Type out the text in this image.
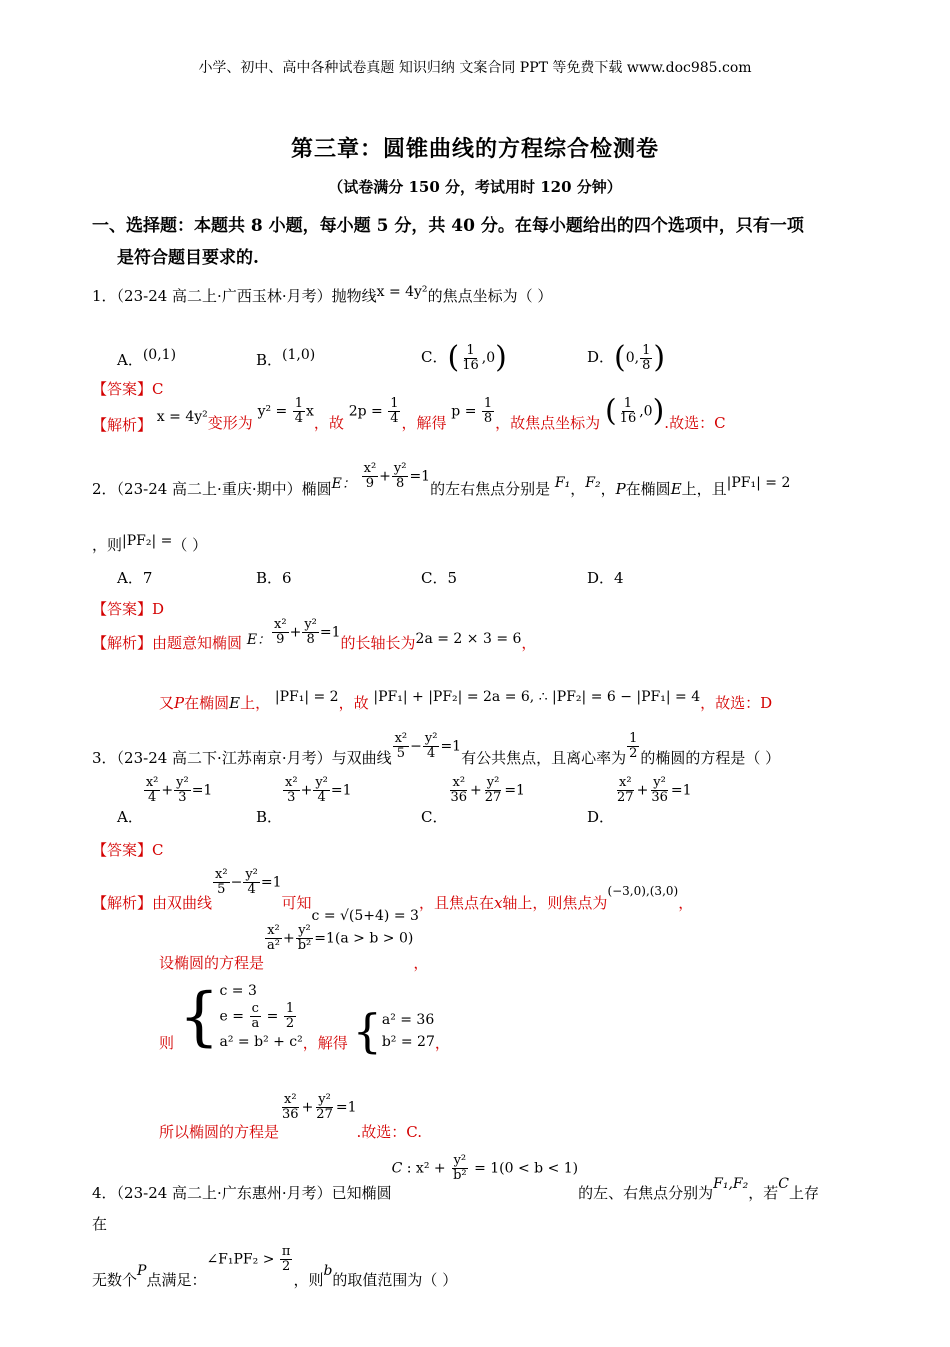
小学、初中、高中各种试卷真题 知识归纳 文案合同 PPT 等免费下载 www.doc985.com
第三章：圆锥曲线的方程综合检测卷
（试卷满分 150 分，考试用时 120 分钟）
一、选择题：本题共 8 小题，每小题 5 分，共 40 分。在每小题给出的四个选项中，只有一项
是符合题目要求的.
1．（23-24 高二上·广西玉林·月考）抛物线x = 4y²的焦点坐标为（ ）
A．(0,1)	B．(1,0)	C．( $\frac{1}{16} ,0$)	D．(0, $\frac{1}{8}$ )
【答案】C
【解析】 x = 4y²变形为 $y^2 = \frac{1}{4}$ x，故 $2p = \frac{1}{4}$ ，解得 $p = \frac{1}{8}$ ，故焦点坐标为 ( $\frac{1}{16} ,0$).故选：C
2．（23-24 高二上·重庆·期中）椭圆E： $\frac{\text{x²}}{9} + \frac{\text{y²}}{8} =1$的左右焦点分别是 F₁，F₂，P在椭圆E上，且|PF₁| = 2
，则|PF₂| =（ ）
A．7	B．6	C．5	D．4
【答案】D
【解析】由题意知椭圆 E： $\frac{\text{x²}}{9} + \frac{\text{y²}}{8} =1$的长轴长为2a = 2 × 3 = 6，
又P在椭圆E上， |PF₁| = 2，故 |PF₁| + |PF₂| = 2a = 6, ∴ |PF₂| = 6 − |PF₁| = 4，故选：D
3．（23-24 高二下·江苏南京·月考）与双曲线 $\frac{\text{x²}}{5} - \frac{\text{y²}}{4} =1$有公共焦点，且离心率为 $\frac{1}{2}$ 的椭圆的方程是（ ）
A．
$\frac{\text{x²}}{4} + \frac{\text{y²}}{3} =1$
B．
$\frac{\text{x²}}{3} + \frac{\text{y²}}{4} =1$
C．
$\frac{\text{x²}}{36} + \frac{\text{y²}}{27} =1$
D．
$\frac{\text{x²}}{27} + \frac{\text{y²}}{36} =1$
【答案】C
【解析】由双曲线
$\frac{\text{x²}}{5} - \frac{\text{y²}}{4} =1$可知c = √(5+4) = 3，且焦点在x轴上，则焦点为(−3,0),(3,0)，
设椭圆的方程是
$\frac{\text{x²}}{\text{a²}} + \frac{\text{y²}}{\text{b²}} =1(a > b > 0)$，
则 { c = 3
$e = \frac{c}{a} = \frac{1}{2}$
a² = b² + c² ，解得 { a² = 36
b² = 27 ，
所以椭圆的方程是
$\frac{\text{x²}}{36} + \frac{\text{y²}}{27} =1$.故选：C.
4．（23-24 高二上·广东惠州·月考）已知椭圆C : $x^2 + \frac{\text{y²}}{\text{b²}} = 1(0 < b < 1)$的左、右焦点分别为F₁,F₂，若C上存
在
无数个P点满足：∠F₁PF₂ > $\frac{\pi}{2}$
，则b的取值范围为（ ）
